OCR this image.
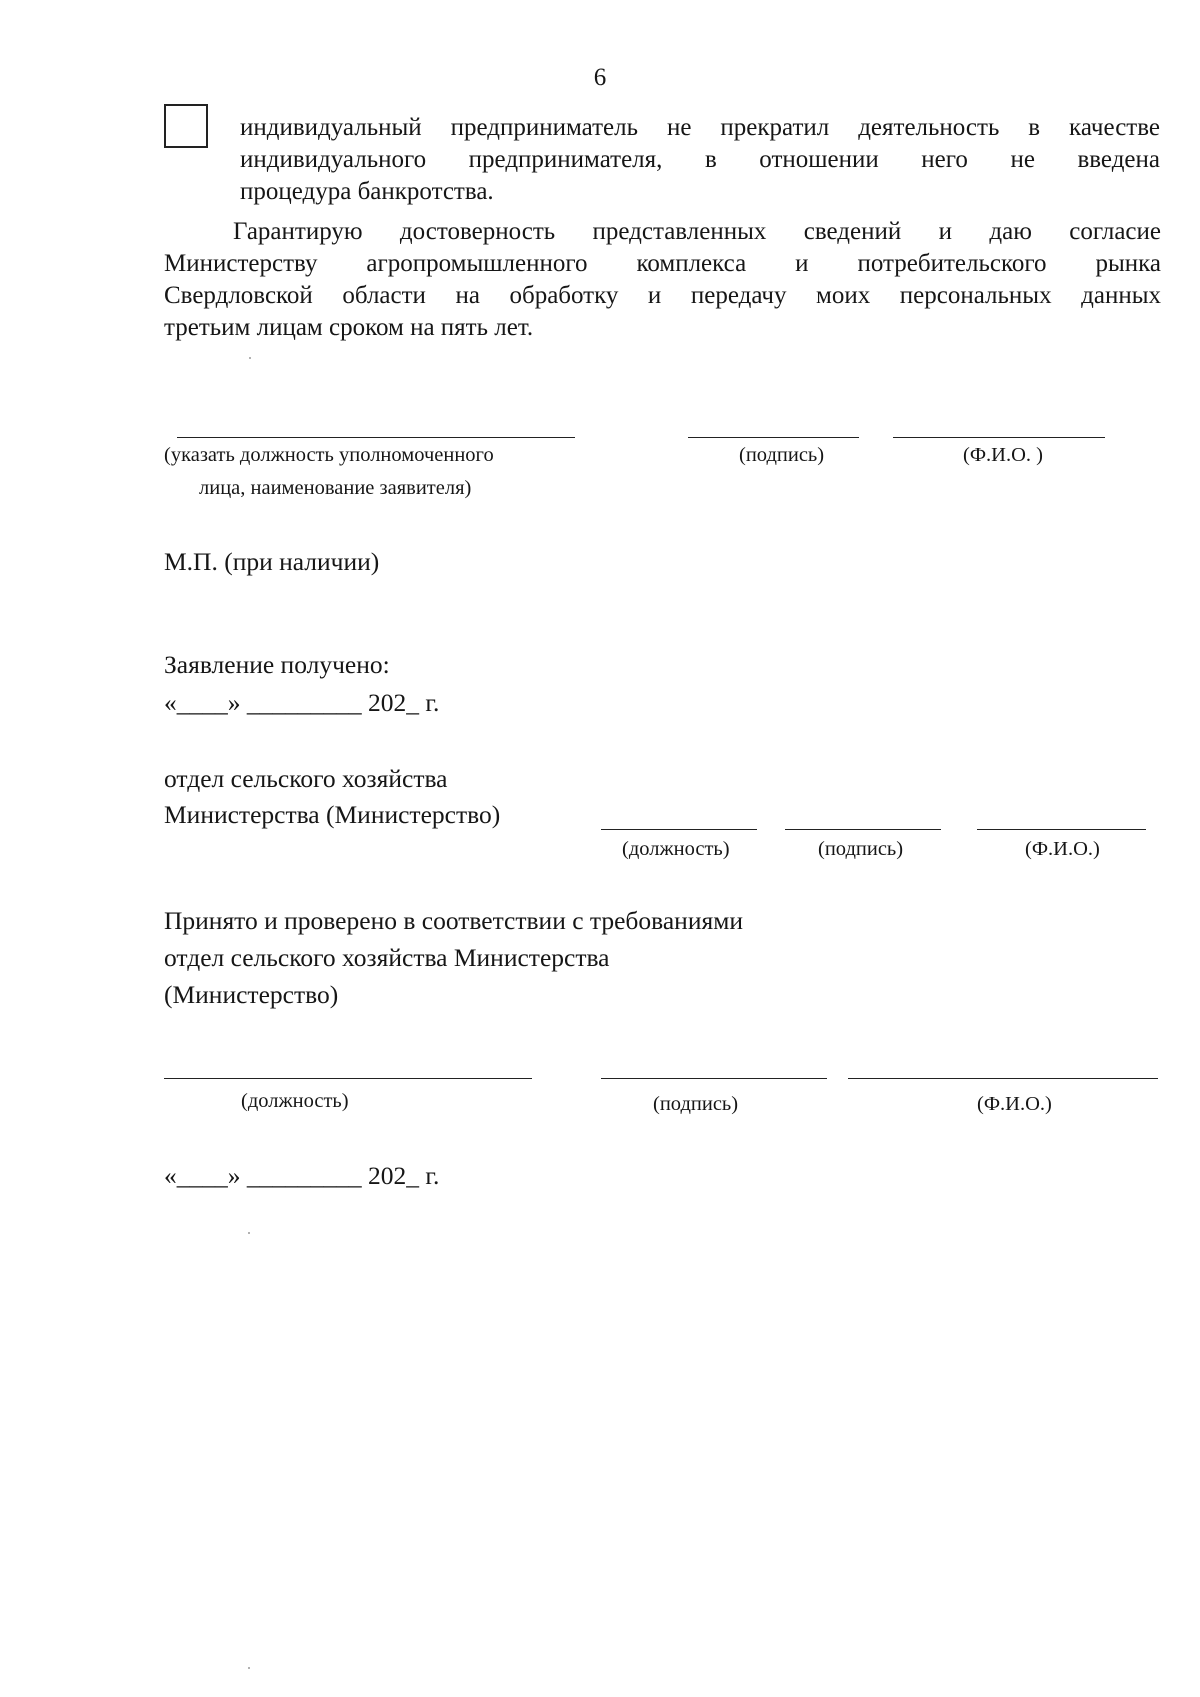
6
индивидуальный предприниматель не прекратил деятельность в качестве
индивидуального предпринимателя, в отношении него не введена
процедура банкротства.
Гарантирую достоверность представленных сведений и даю согласие
Министерству агропромышленного комплекса и потребительского рынка
Свердловской области на обработку и передачу моих персональных данных
третьим лицам сроком на пять лет.
(указать должность уполномоченного
лица, наименование заявителя)
(подпись)	(Ф.И.О. )
М.П. (при наличии)
Заявление получено:
«____» _________ 202_ г.
отдел сельского хозяйства
Министерства (Министерство)
(должность)	(подпись)	(Ф.И.О.)
Принято и проверено в соответствии с требованиями
отдел сельского хозяйства Министерства
(Министерство)
(должность)	(подпись)	(Ф.И.О.)
«____» _________ 202_ г.
